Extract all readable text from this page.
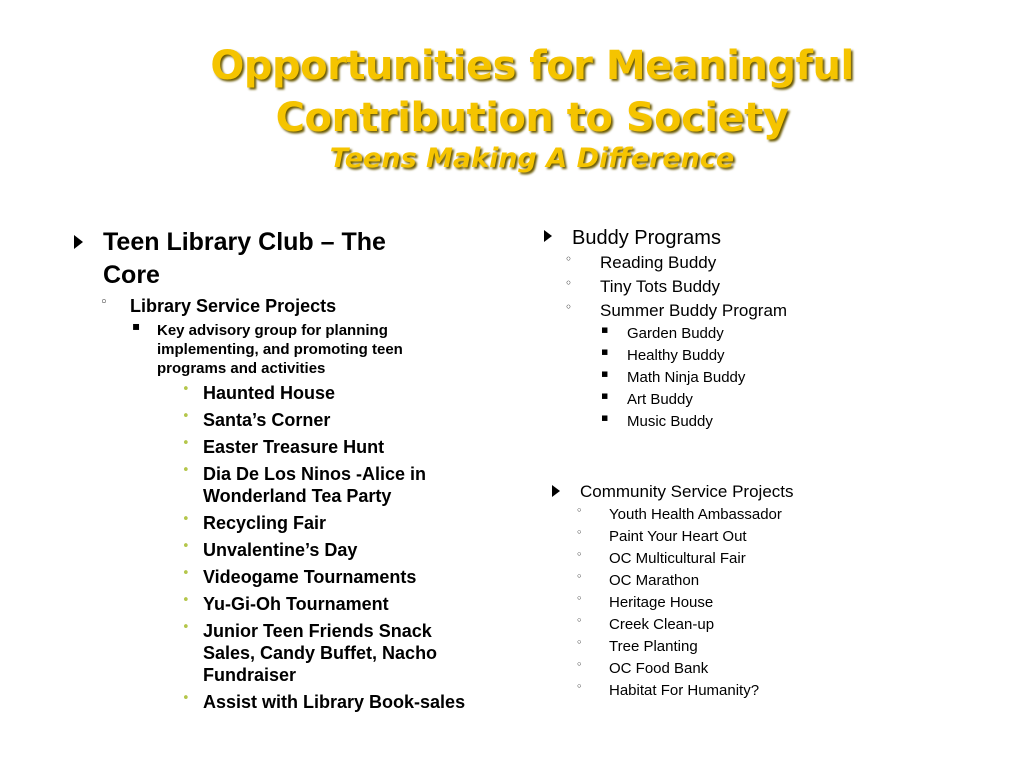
Opportunities for Meaningful
Contribution to Society
Teens Making A Difference
Teen Library Club – The Core
◦ Library Service Projects
▪ Key advisory group for planning implementing, and promoting teen programs and activities
• Haunted House
• Santa’s Corner
• Easter Treasure Hunt
• Dia De Los Ninos -Alice in Wonderland Tea Party
• Recycling Fair
• Unvalentine’s Day
• Videogame Tournaments
• Yu-Gi-Oh Tournament
• Junior Teen Friends Snack Sales, Candy Buffet, Nacho Fundraiser
• Assist with Library Book-sales
Buddy Programs
◦ Reading Buddy
◦ Tiny Tots Buddy
◦ Summer Buddy Program
▪ Garden Buddy
▪ Healthy Buddy
▪ Math Ninja Buddy
▪ Art Buddy
▪ Music Buddy
Community Service Projects
◦ Youth Health Ambassador
◦ Paint Your Heart Out
◦ OC Multicultural Fair
◦ OC Marathon
◦ Heritage House
◦ Creek Clean-up
◦ Tree Planting
◦ OC Food Bank
◦ Habitat For Humanity?
